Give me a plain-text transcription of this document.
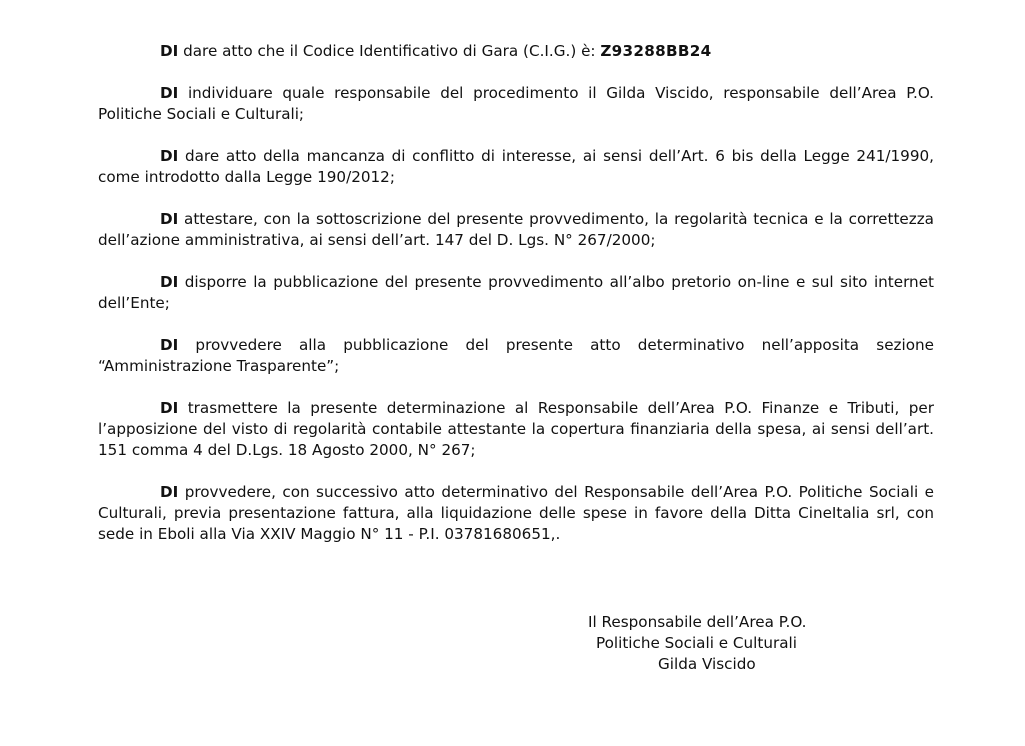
DI dare atto che il Codice Identificativo di Gara (C.I.G.) è: Z93288BB24

DI individuare quale responsabile del procedimento il Gilda Viscido, responsabile dell’Area P.O. Politiche Sociali e Culturali;

DI dare atto della mancanza di conflitto di interesse, ai sensi dell’Art. 6 bis della Legge 241/1990, come introdotto dalla Legge 190/2012;

DI attestare, con la sottoscrizione del presente provvedimento, la regolarità tecnica e la correttezza dell’azione amministrativa, ai sensi dell’art. 147 del D. Lgs. N° 267/2000;

DI disporre la pubblicazione del presente provvedimento all’albo pretorio on-line e sul sito internet dell’Ente;

DI provvedere alla pubblicazione del presente atto determinativo nell’apposita sezione “Amministrazione Trasparente”;

DI trasmettere la presente determinazione al Responsabile dell’Area P.O. Finanze e Tributi, per l’apposizione del visto di regolarità contabile attestante la copertura finanziaria della spesa, ai sensi dell’art. 151 comma 4 del D.Lgs. 18 Agosto 2000, N° 267;

DI provvedere, con successivo atto determinativo del Responsabile dell’Area P.O. Politiche Sociali e Culturali, previa presentazione fattura, alla liquidazione delle spese in favore della Ditta CineItalia srl, con sede in Eboli alla Via XXIV Maggio N° 11 - P.I. 03781680651,.

Il Responsabile dell’Area P.O.
Politiche Sociali e Culturali
Gilda Viscido
